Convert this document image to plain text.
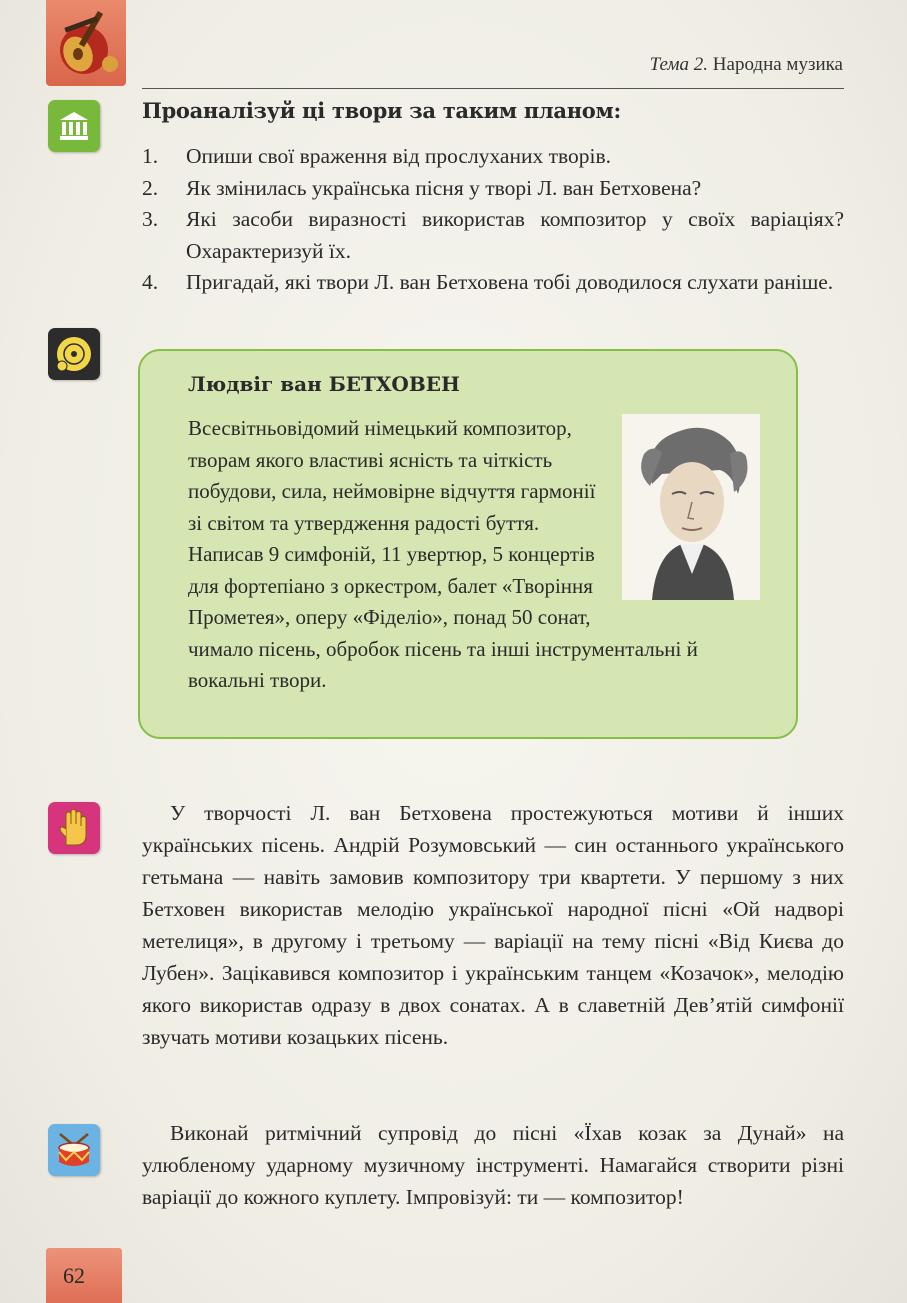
Тема 2. Народна музика
Проаналізуй ці твори за таким планом:
1. Опиши свої враження від прослуханих творів.
2. Як змінилась українська пісня у творі Л. ван Бетховена?
3. Які засоби виразності використав композитор у своїх варіаціях? Охарактеризуй їх.
4. Пригадай, які твори Л. ван Бетховена тобі доводилося слухати раніше.
Людвіг ван БЕТХОВЕН

Всесвітньовідомий німецький композитор, творам якого властиві ясність та чіткість побудови, сила, неймовірне відчуття гармонії зі світом та утвердження радості буття. Написав 9 симфоній, 11 увертюр, 5 концертів для фортепіано з оркестром, балет «Творіння Прометея», оперу «Фіделіо», понад 50 сонат, чимало пісень, обробок пісень та інші інструментальні й вокальні твори.

У творчості Л. ван Бетховена простежуються мотиви й інших українських пісень. Андрій Розумовський — син останнього українського гетьмана — навіть замовив композитору три квартети. У першому з них Бетховен використав мелодію української народної пісні «Ой надворі метелиця», в другому і третьому — варіації на тему пісні «Від Києва до Лубен». Зацікавився композитор і українським танцем «Козачок», мелодію якого використав одразу в двох сонатах. А в славетній Дев’ятій симфонії звучать мотиви козацьких пісень.

Виконай ритмічний супровід до пісні «Їхав козак за Дунай» на улюбленому ударному музичному інструменті. Намагайся створити різні варіації до кожного куплету. Імпровізуй: ти — композитор!

62
